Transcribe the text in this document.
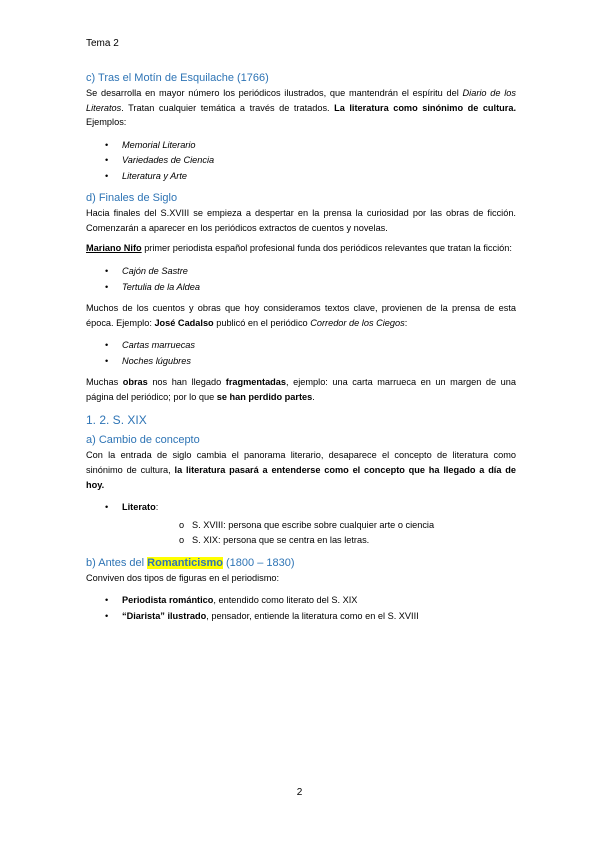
Tema 2
c) Tras el Motín de Esquilache (1766)

Se desarrolla en mayor número los periódicos ilustrados, que mantendrán el espíritu del Diario de los Literatos. Tratan cualquier temática a través de tratados. La literatura como sinónimo de cultura. Ejemplos:

• Memorial Literario
• Variedades de Ciencia
• Literatura y Arte
d) Finales de Siglo

Hacia finales del S.XVIII se empieza a despertar en la prensa la curiosidad por las obras de ficción. Comenzarán a aparecer en los periódicos extractos de cuentos y novelas.

Mariano Nifo primer periodista español profesional funda dos periódicos relevantes que tratan la ficción:

• Cajón de Sastre
• Tertulia de la Aldea

Muchos de los cuentos y obras que hoy consideramos textos clave, provienen de la prensa de esta época. Ejemplo: José Cadalso publicó en el periódico Corredor de los Ciegos:

• Cartas marruecas
• Noches lúgubres

Muchas obras nos han llegado fragmentadas, ejemplo: una carta marrueca en un margen de una página del periódico; por lo que se han perdido partes.

1. 2. S. XIX
a) Cambio de concepto

Con la entrada de siglo cambia el panorama literario, desaparece el concepto de literatura como sinónimo de cultura, la literatura pasará a entenderse como el concepto que ha llegado a día de hoy.

• Literato:
o S. XVIII: persona que escribe sobre cualquier arte o ciencia
o S. XIX: persona que se centra en las letras.
b) Antes del Romanticismo (1800 – 1830)

Conviven dos tipos de figuras en el periodismo:

• Periodista romántico, entendido como literato del S. XIX
• “Diarista” ilustrado, pensador, entiende la literatura como en el S. XVIII
2
